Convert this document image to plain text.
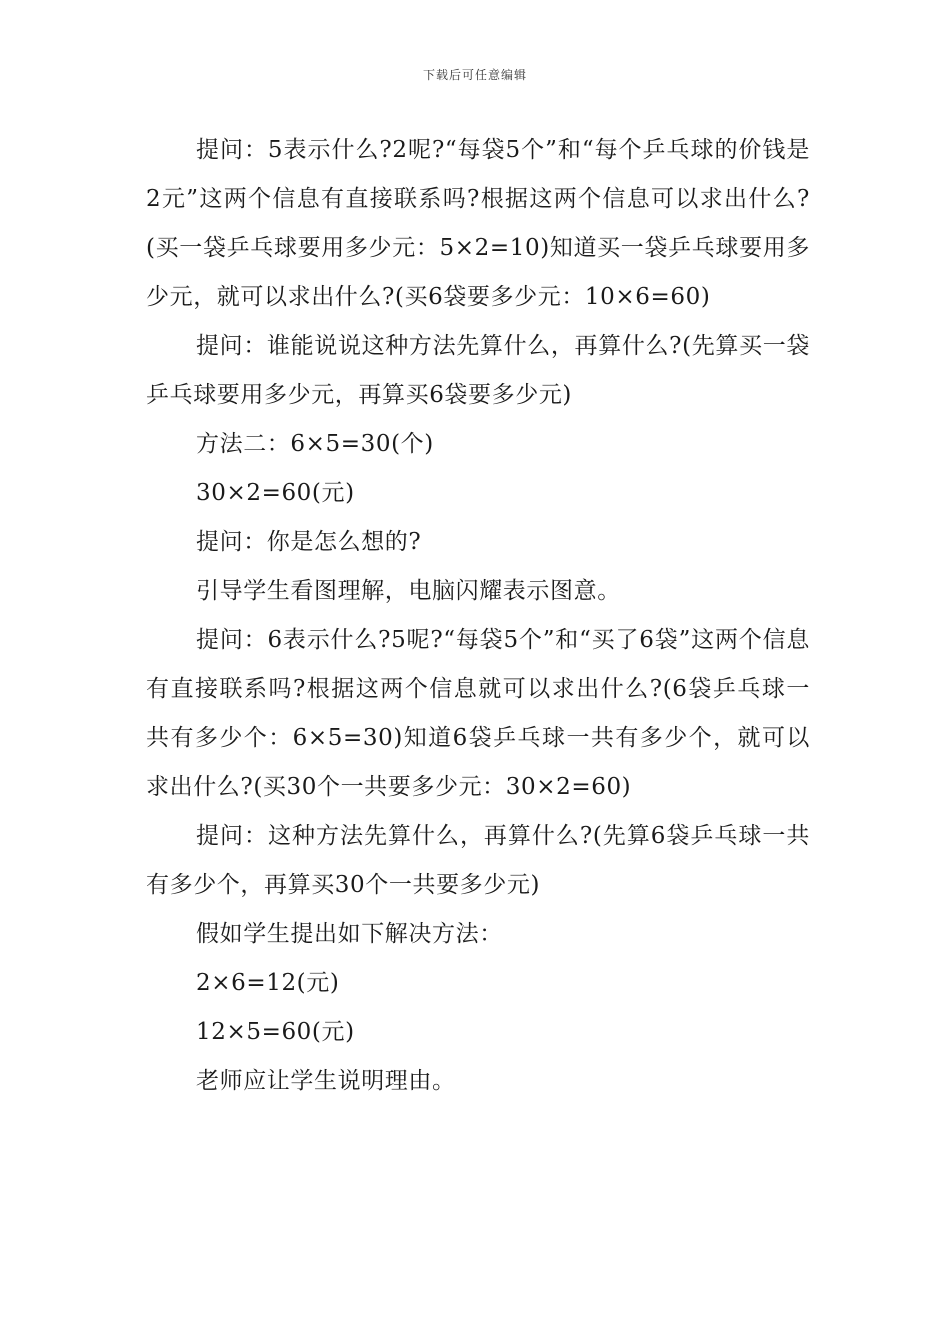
下载后可任意编辑

提问：5表示什么?2呢?“每袋5个”和“每个乒乓球的价钱是2元”这两个信息有直接联系吗?根据这两个信息可以求出什么?(买一袋乒乓球要用多少元：5×2=10)知道买一袋乒乓球要用多少元，就可以求出什么?(买6袋要多少元：10×6=60)

提问：谁能说说这种方法先算什么，再算什么?(先算买一袋乒乓球要用多少元，再算买6袋要多少元)

方法二：6×5=30(个)

30×2=60(元)

提问：你是怎么想的?

引导学生看图理解，电脑闪耀表示图意。

提问：6表示什么?5呢?“每袋5个”和“买了6袋”这两个信息有直接联系吗?根据这两个信息就可以求出什么?(6袋乒乓球一共有多少个：6×5=30)知道6袋乒乓球一共有多少个，就可以求出什么?(买30个一共要多少元：30×2=60)

提问：这种方法先算什么，再算什么?(先算6袋乒乓球一共有多少个，再算买30个一共要多少元)

假如学生提出如下解决方法：

2×6=12(元)

12×5=60(元)

老师应让学生说明理由。
